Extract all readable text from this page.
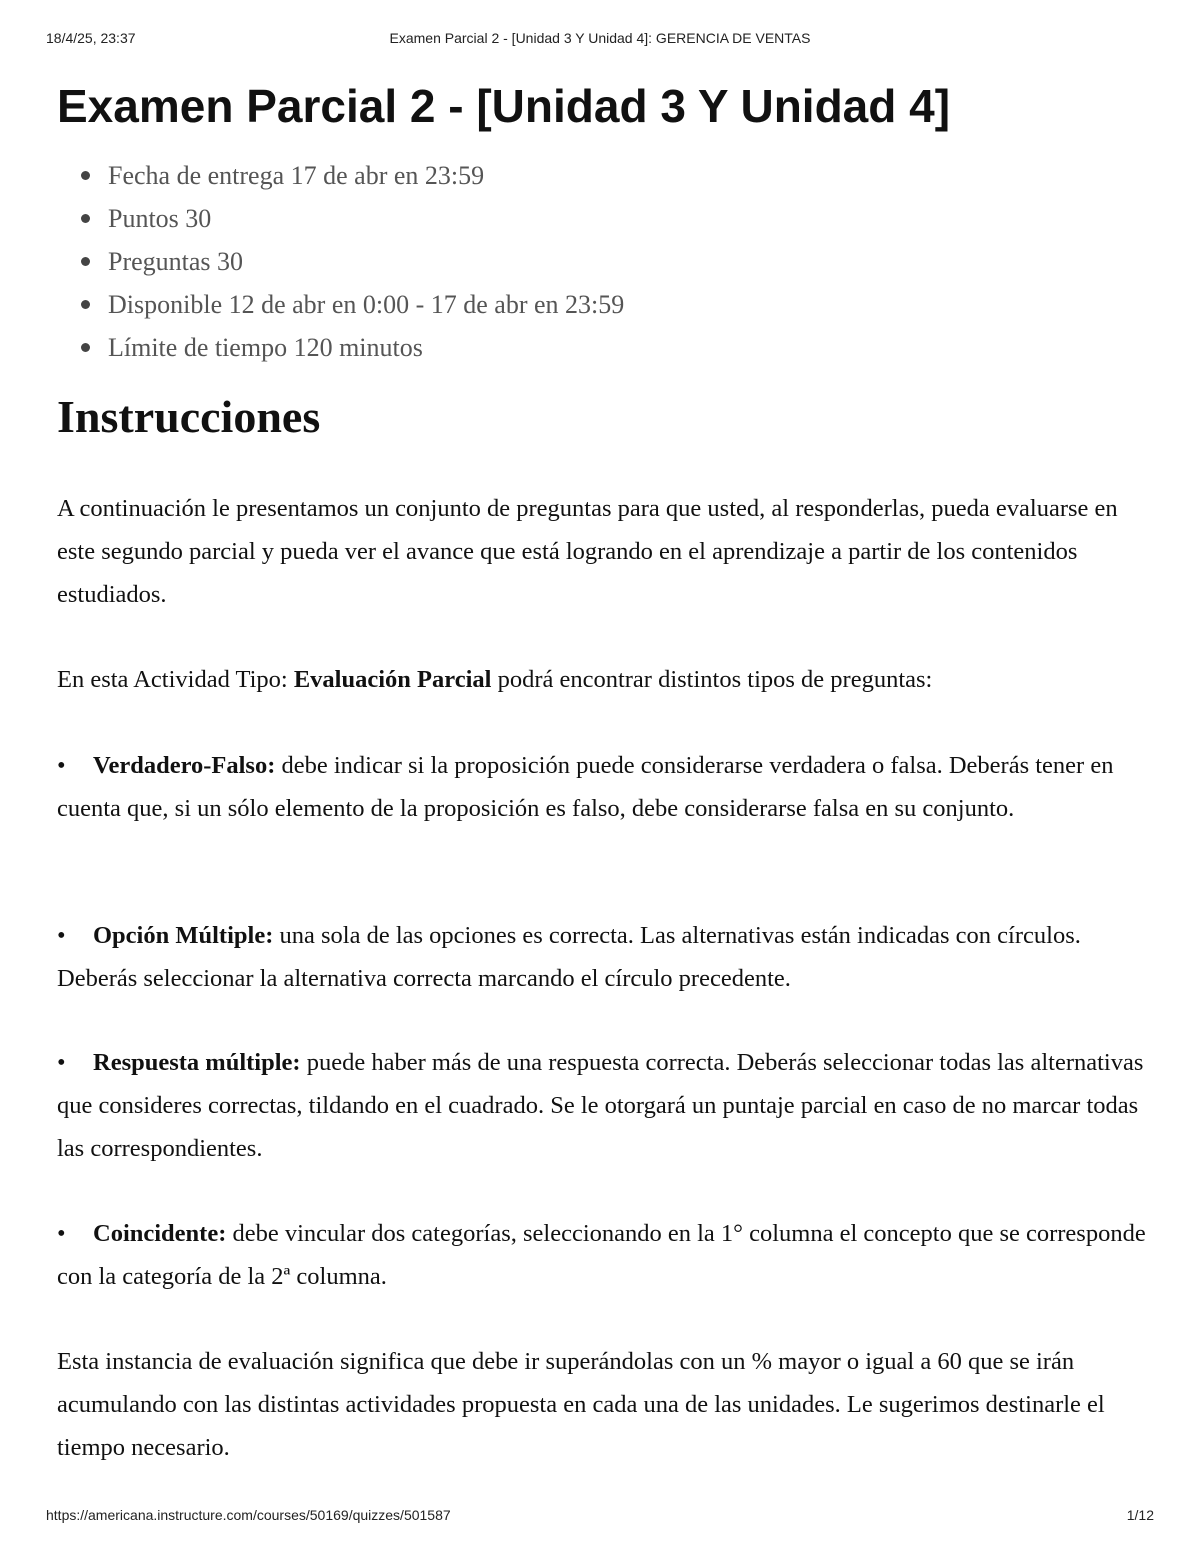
18/4/25, 23:37	Examen Parcial 2 - [Unidad 3 Y Unidad 4]: GERENCIA DE VENTAS
Examen Parcial 2 - [Unidad 3 Y Unidad 4]
Fecha de entrega 17 de abr en 23:59
Puntos 30
Preguntas 30
Disponible 12 de abr en 0:00 - 17 de abr en 23:59
Límite de tiempo 120 minutos
Instrucciones

A continuación le presentamos un conjunto de preguntas para que usted, al responderlas, pueda evaluarse en este segundo parcial y pueda ver el avance que está logrando en el aprendizaje a partir de los contenidos estudiados.

En esta Actividad Tipo: Evaluación Parcial podrá encontrar distintos tipos de preguntas:

• Verdadero-Falso: debe indicar si la proposición puede considerarse verdadera o falsa. Deberás tener en cuenta que, si un sólo elemento de la proposición es falso, debe considerarse falsa en su conjunto.

• Opción Múltiple: una sola de las opciones es correcta. Las alternativas están indicadas con círculos. Deberás seleccionar la alternativa correcta marcando el círculo precedente.

• Respuesta múltiple: puede haber más de una respuesta correcta. Deberás seleccionar todas las alternativas que consideres correctas, tildando en el cuadrado. Se le otorgará un puntaje parcial en caso de no marcar todas las correspondientes.

• Coincidente: debe vincular dos categorías, seleccionando en la 1° columna el concepto que se corresponde con la categoría de la 2ª columna.

Esta instancia de evaluación significa que debe ir superándolas con un % mayor o igual a 60 que se irán acumulando con las distintas actividades propuesta en cada una de las unidades. Le sugerimos destinarle el tiempo necesario.

https://americana.instructure.com/courses/50169/quizzes/501587	1/12
